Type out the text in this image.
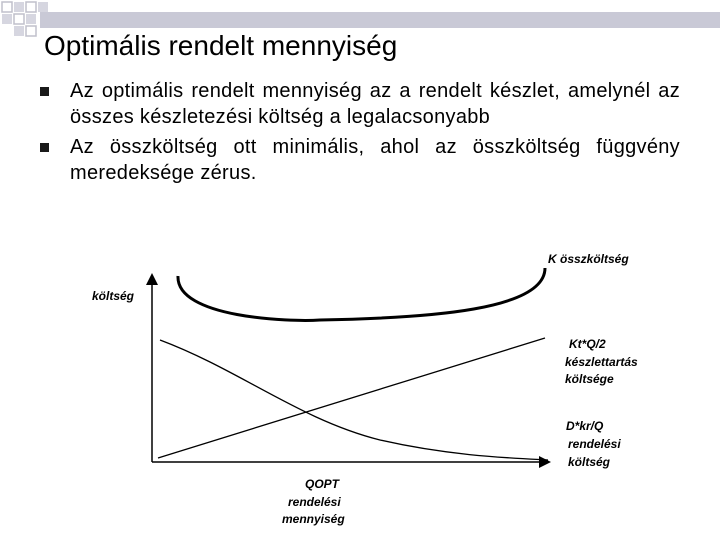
Optimális rendelt mennyiség
Az optimális rendelt mennyiség az a rendelt készlet, amelynél az összes készletezési költség a legalacsonyabb
Az összköltség ott minimális, ahol az összköltség függvény meredeksége zérus.
költség
K összköltség
Kt*Q/2
készlettartás
költsége
D*kr/Q
rendelési
költség
QOPT
rendelési
mennyiség
